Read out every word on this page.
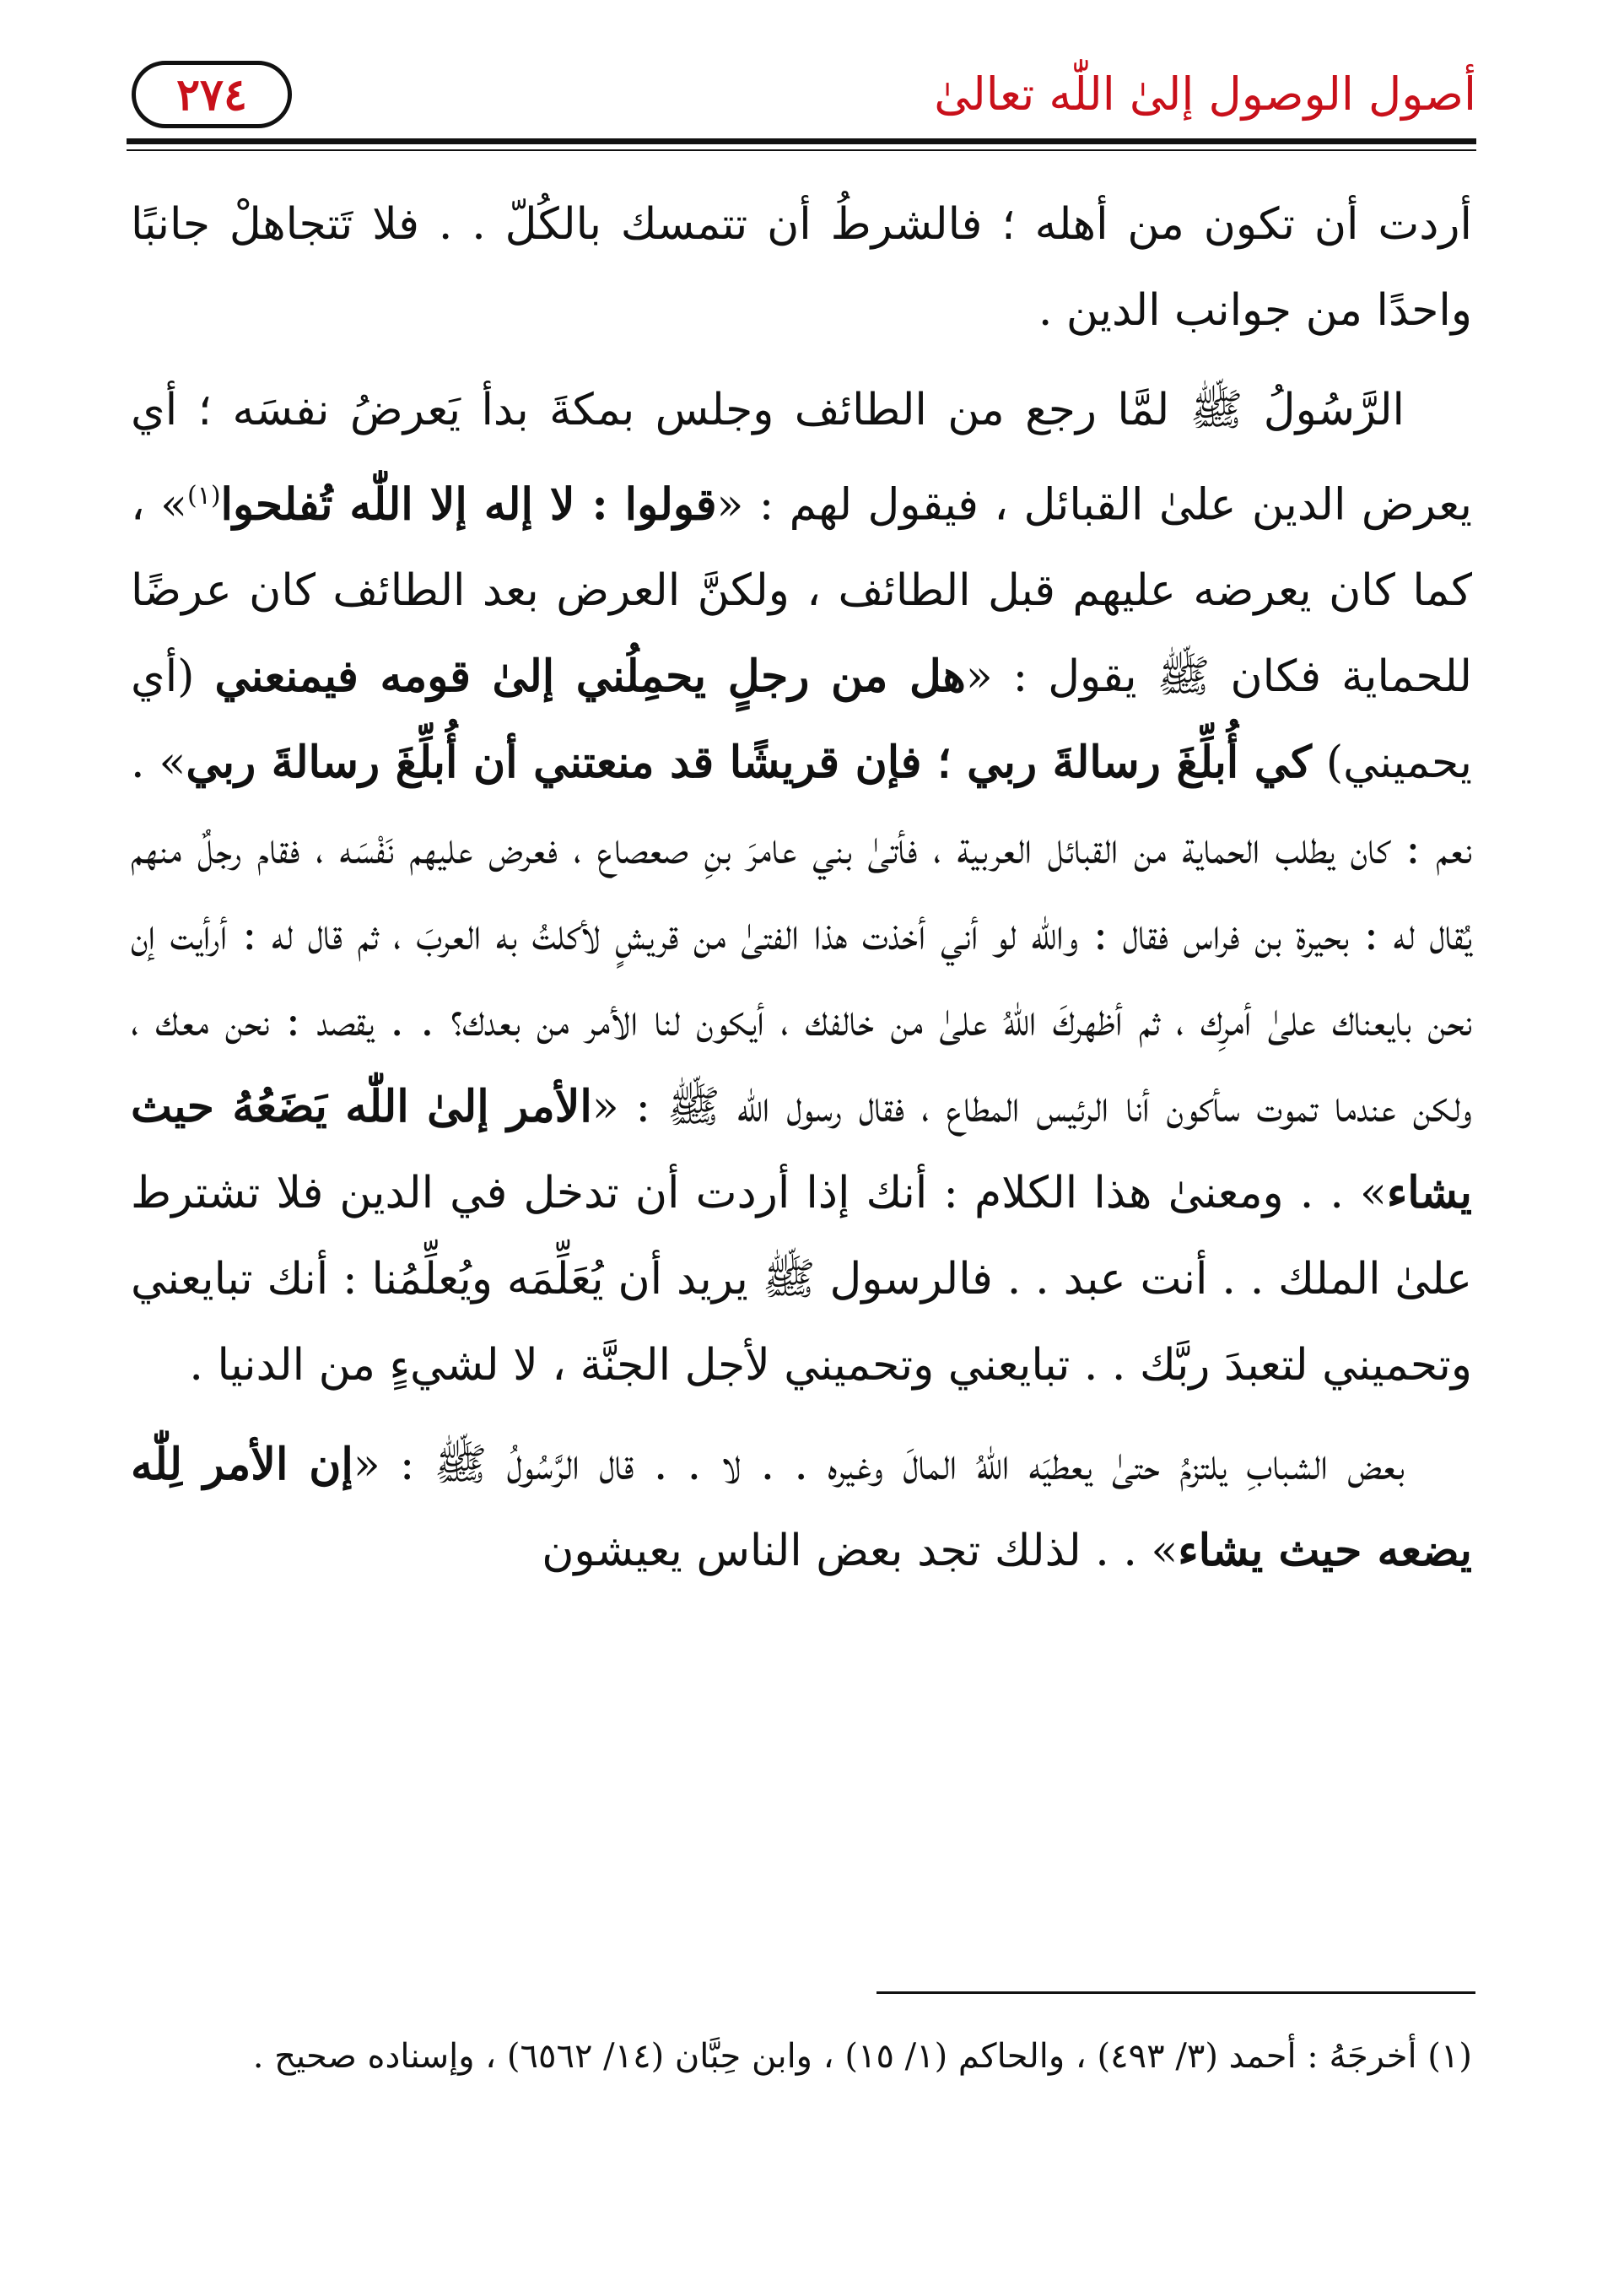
أصول الوصول إلىٰ اللّٰه تعالىٰ
٢٧٤

أردت أن تكون من أهله ؛ فالشرطُ أن تتمسك بالكُلّ . . فلا تَتجاهلْ جانبًا واحدًا من جوانب الدين .

الرَّسُولُ ﷺ لمَّا رجع من الطائف وجلس بمكةَ بدأ يَعرضُ نفسَه ؛ أي يعرض الدين علىٰ القبائل ، فيقول لهم : «قولوا : لا إله إلا اللّٰه تُفلحوا$^{(١)}$» ، كما كان يعرضه عليهم قبل الطائف ، ولكنَّ العرض بعد الطائف كان عرضًا للحماية فكان ﷺ يقول : «هل من رجلٍ يحمِلُني إلىٰ قومه فيمنعني (أي يحميني) كي أُبلِّغَ رسالةَ ربي ؛ فإن قريشًا قد منعتني أن أُبلِّغَ رسالةَ ربي» . نعم : كان يطلب الحماية من القبائل العربية ، فأتىٰ بني عامرَ بنِ صعصاع ، فعرض عليهم نَفْسَه ، فقام رجلٌ منهم يُقال له : بحيرة بن فراس فقال : واللّٰه لو أني أخذت هذا الفتىٰ من قريشٍ لأكلتُ به العربَ ، ثم قال له : أرأيت إن نحن بايعناك علىٰ أمرِك ، ثم أظهركَ اللّٰهُ علىٰ من خالفك ، أيكون لنا الأمر من بعدك؟ . . يقصد : نحن معك ، ولكن عندما تموت سأكون أنا الرئيس المطاع ، فقال رسول اللّٰه ﷺ : «الأمر إلىٰ اللّٰه يَضَعُهُ حيث يشاء» . . ومعنىٰ هذا الكلام : أنك إذا أردت أن تدخل في الدين فلا تشترط علىٰ الملك . . أنت عبد . . فالرسول ﷺ يريد أن يُعَلِّمَه ويُعلِّمُنا : أنك تبايعني وتحميني لتعبدَ ربَّك . . تبايعني وتحميني لأجل الجنَّة ، لا لشيءٍ من الدنيا .

بعض الشبابِ يلتزمُ حتىٰ يعطيَه اللّٰهُ المالَ وغيره . . لا . . قال الرَّسُولُ ﷺ : «إن الأمر لِلّٰه يضعه حيث يشاء» . . لذلك تجد بعض الناس يعيشون

(١) أخرجَهُ : أحمد (٣/ ٤٩٣) ، والحاكم (١/ ١٥) ، وابن حِبَّان (١٤/ ٦٥٦٢) ، وإسناده صحيح .
